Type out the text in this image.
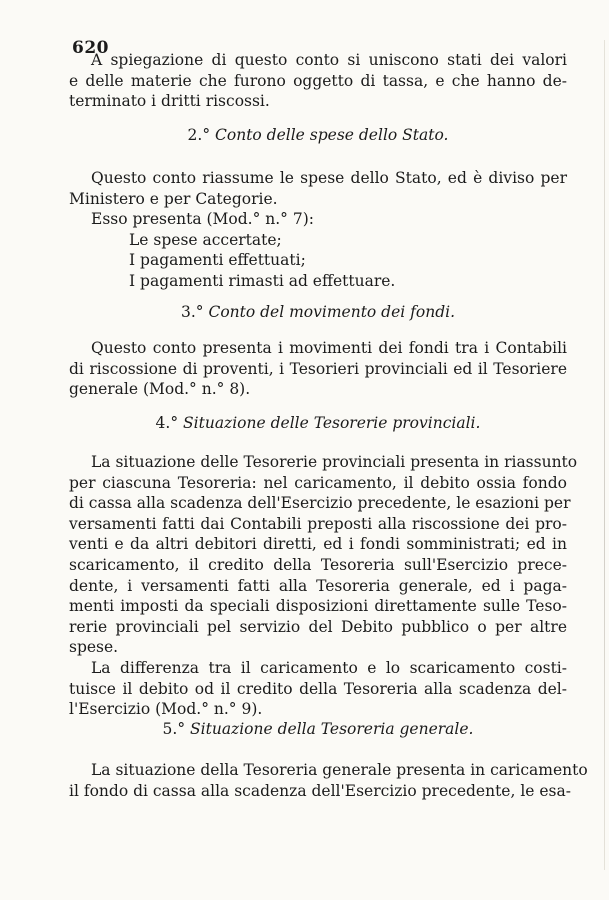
620
A spiegazione di questo conto si uniscono stati dei valori
e delle materie che furono oggetto di tassa, e che hanno de-
terminato i dritti riscossi.
2.° Conto delle spese dello Stato.
Questo conto riassume le spese dello Stato, ed è diviso per
Ministero e per Categorie.
Esso presenta (Mod.° n.° 7):
Le spese accertate;
I pagamenti effettuati;
I pagamenti rimasti ad effettuare.
3.° Conto del movimento dei fondi.
Questo conto presenta i movimenti dei fondi tra i Contabili
di riscossione di proventi, i Tesorieri provinciali ed il Tesoriere
generale (Mod.° n.° 8).
4.° Situazione delle Tesorerie provinciali.
La situazione delle Tesorerie provinciali presenta in riassunto
per ciascuna Tesoreria: nel caricamento, il debito ossia fondo
di cassa alla scadenza dell'Esercizio precedente, le esazioni per
versamenti fatti dai Contabili preposti alla riscossione dei pro-
venti e da altri debitori diretti, ed i fondi somministrati; ed in
scaricamento, il credito della Tesoreria sull'Esercizio prece-
dente, i versamenti fatti alla Tesoreria generale, ed i paga-
menti imposti da speciali disposizioni direttamente sulle Teso-
rerie provinciali pel servizio del Debito pubblico o per altre
spese.
La differenza tra il caricamento e lo scaricamento costi-
tuisce il debito od il credito della Tesoreria alla scadenza del-
l'Esercizio (Mod.° n.° 9).
5.° Situazione della Tesoreria generale.
La situazione della Tesoreria generale presenta in caricamento
il fondo di cassa alla scadenza dell'Esercizio precedente, le esa-
